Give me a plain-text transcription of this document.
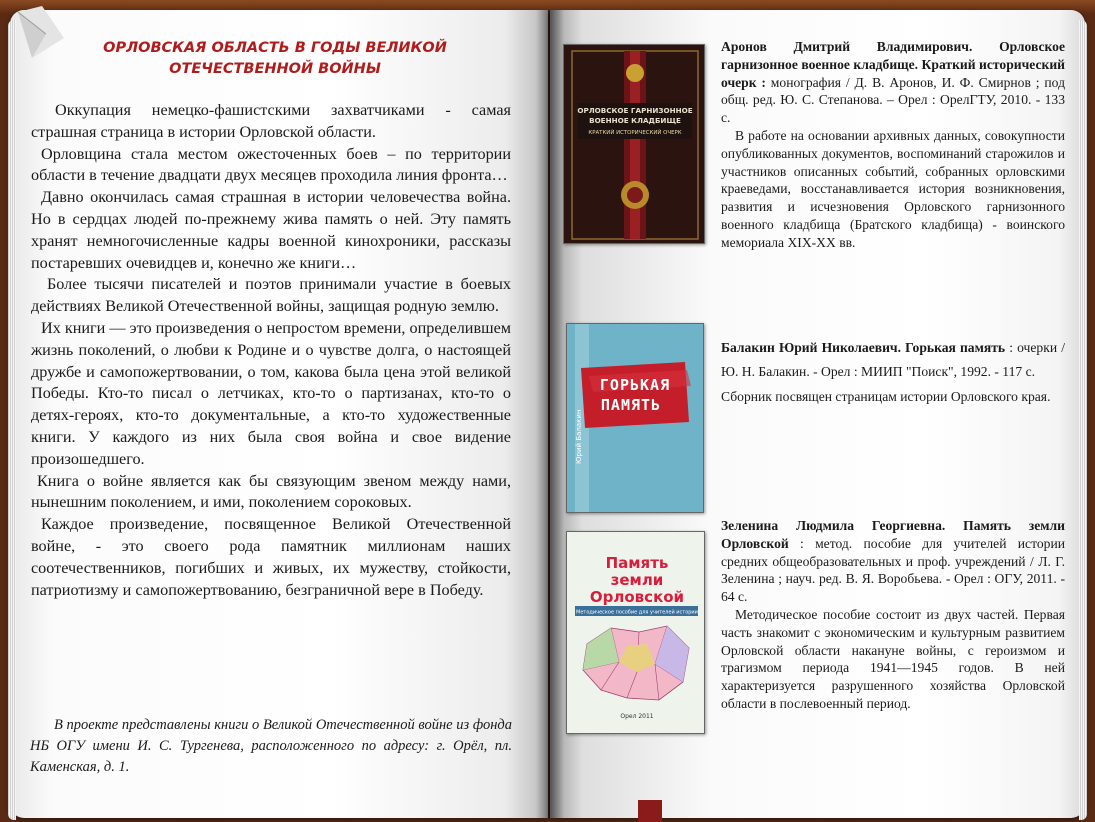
ОРЛОВСКАЯ ОБЛАСТЬ В ГОДЫ ВЕЛИКОЙ ОТЕЧЕСТВЕННОЙ ВОЙНЫ

Оккупация немецко-фашистскими захватчиками - самая страшная страница в истории Орловской области.

Орловщина стала местом ожесточенных боев – по территории области в течение двадцати двух месяцев проходила линия фронта…

Давно окончилась самая страшная в истории человечества война. Но в сердцах людей по-прежнему жива память о ней. Эту память хранят немногочисленные кадры военной кинохроники, рассказы постаревших очевидцев и, конечно же книги…

Более тысячи писателей и поэтов принимали участие в боевых действиях Великой Отечественной войны, защищая родную землю.

Их книги — это произведения о непростом времени, определившем жизнь поколений, о любви к Родине и о чувстве долга, о настоящей дружбе и самопожертвовании, о том, какова была цена этой великой Победы. Кто-то писал о летчиках, кто-то о партизанах, кто-то о детях-героях, кто-то документальные, а кто-то художественные книги. У каждого из них была своя война и свое видение произошедшего.

Книга о войне является как бы связующим звеном между нами, нынешним поколением, и ими, поколением сороковых.

Каждое произведение, посвященное Великой Отечественной войне, - это своего рода памятник миллионам наших соотечественников, погибших и живых, их мужеству, стойкости, патриотизму и самопожертвованию, безграничной вере в Победу.

В проекте представлены книги о Великой Отечественной войне из фонда НБ ОГУ имени И. С. Тургенева, расположенного по адресу: г. Орёл, пл. Каменская, д. 1.
ОРЛОВСКОЕ ГАРНИЗОННОЕ
ВОЕННОЕ КЛАДБИЩЕ
КРАТКИЙ ИСТОРИЧЕСКИЙ ОЧЕРК
ГОРЬКАЯ
ПАМЯТЬ
Юрий Балакин
Память
земли
Орловской
Методическое пособие для учителей истории
Орел 2011

Аронов Дмитрий Владимирович. Орловское гарнизонное военное кладбище. Краткий исторический очерк : монография / Д. В. Аронов, И. Ф. Смирнов ; под общ. ред. Ю. С. Степанова. – Орел : ОрелГТУ, 2010. - 133 с.

В работе на основании архивных данных, совокупности опубликованных документов, воспоминаний старожилов и участников описанных событий, собранных орловскими краеведами, восстанавливается история возникновения, развития и исчезновения Орловского гарнизонного военного кладбища (Братского кладбища) - воинского мемориала XIX-XX вв.

Балакин Юрий Николаевич. Горькая память : очерки / Ю. Н. Балакин. - Орел : МИИП "Поиск", 1992. - 117 с.

Сборник посвящен страницам истории Орловского края.

Зеленина Людмила Георгиевна. Память земли Орловской : метод. пособие для учителей истории средних общеобразовательных и проф. учреждений / Л. Г. Зеленина ; науч. ред. В. Я. Воробьева. - Орел : ОГУ, 2011. - 64 с.

Методическое пособие состоит из двух частей. Первая часть знакомит с экономическим и культурным развитием Орловской области накануне войны, с героизмом и трагизмом периода 1941—1945 годов. В ней характеризуется разрушенного хозяйства Орловской области в послевоенный период.
